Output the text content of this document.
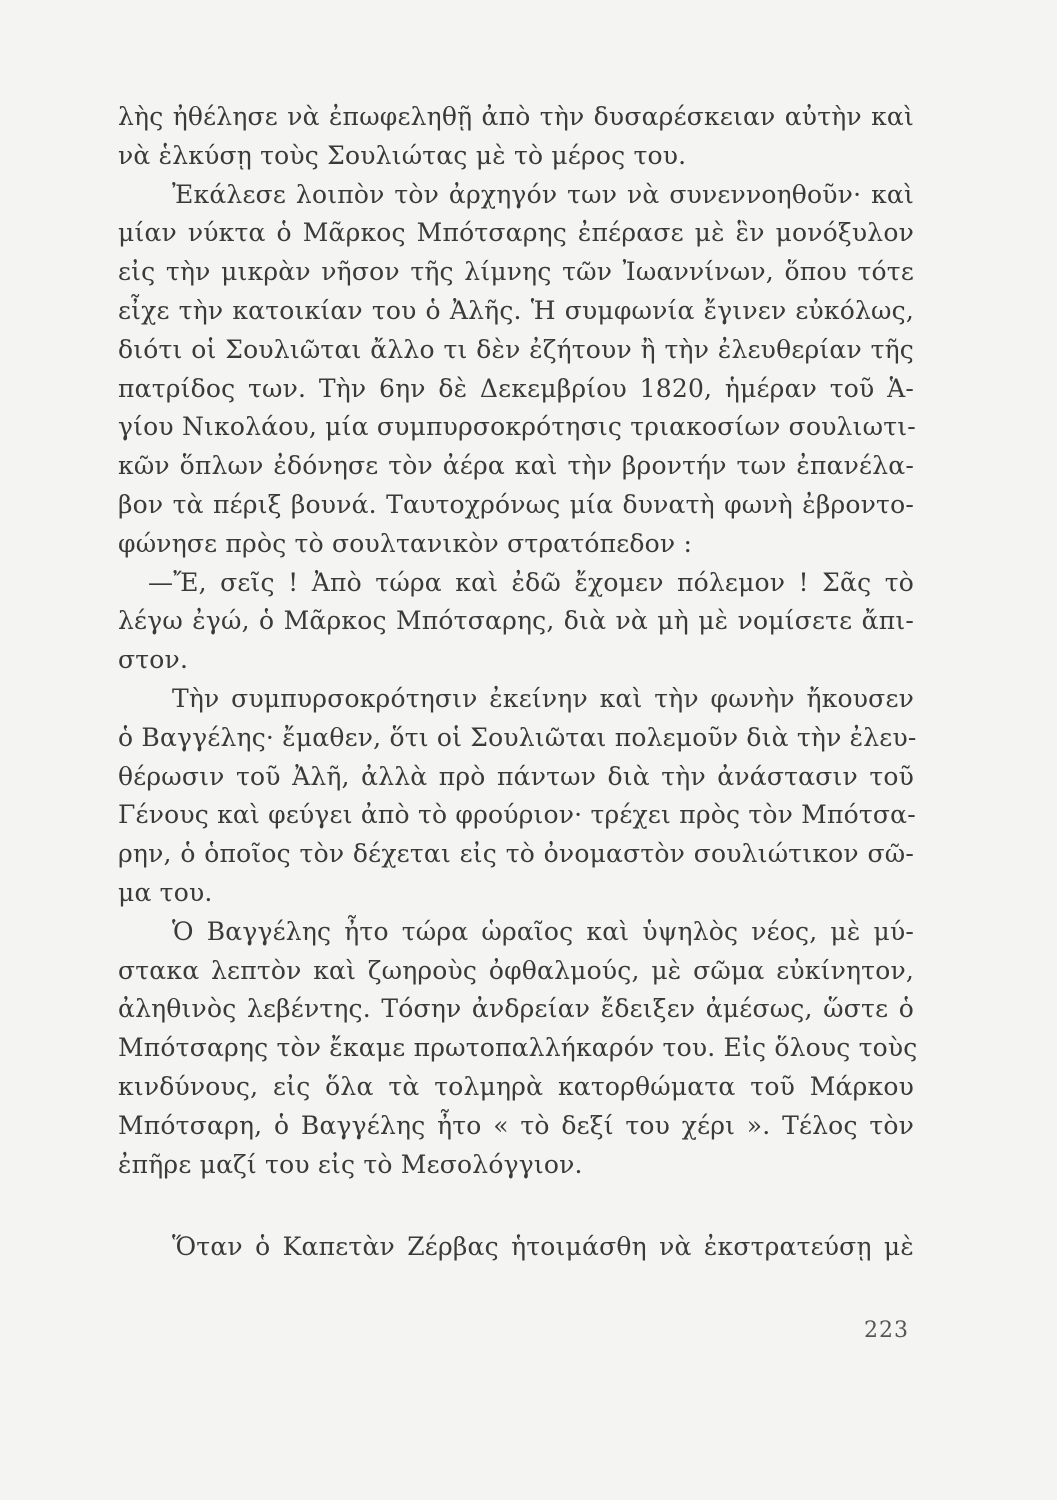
λὴς ἠθέλησε νὰ ἐπωφεληθῇ ἀπὸ τὴν δυσαρέσκειαν αὐτὴν καὶ
νὰ ἑλκύσῃ τοὺς Σουλιώτας μὲ τὸ μέρος του.
Ἐκάλεσε λοιπὸν τὸν ἀρχηγόν των νὰ συνεννοηθοῦν· καὶ
μίαν νύκτα ὁ Μᾶρκος Μπότσαρης ἐπέρασε μὲ ἓν μονόξυλον
εἰς τὴν μικρὰν νῆσον τῆς λίμνης τῶν Ἰωαννίνων, ὅπου τότε
εἶχε τὴν κατοικίαν του ὁ Ἀλῆς. Ἡ συμφωνία ἔγινεν εὐκόλως,
διότι οἱ Σουλιῶται ἄλλο τι δὲν ἐζήτουν ἢ τὴν ἐλευθερίαν τῆς
πατρίδος των. Τὴν 6ην δὲ Δεκεμβρίου 1820, ἡμέραν τοῦ Ἁ-
γίου Νικολάου, μία συμπυρσοκρότησις τριακοσίων σουλιωτι-
κῶν ὅπλων ἐδόνησε τὸν ἀέρα καὶ τὴν βροντήν των ἐπανέλα-
βον τὰ πέριξ βουνά. Ταυτοχρόνως μία δυνατὴ φωνὴ ἐβροντο-
φώνησε πρὸς τὸ σουλτανικὸν στρατόπεδον :
—Ἔ, σεῖς ! Ἀπὸ τώρα καὶ ἐδῶ ἔχομεν πόλεμον ! Σᾶς τὸ
λέγω ἐγώ, ὁ Μᾶρκος Μπότσαρης, διὰ νὰ μὴ μὲ νομίσετε ἄπι-
στον.
Τὴν συμπυρσοκρότησιν ἐκείνην καὶ τὴν φωνὴν ἤκουσεν
ὁ Βαγγέλης· ἔμαθεν, ὅτι οἱ Σουλιῶται πολεμοῦν διὰ τὴν ἐλευ-
θέρωσιν τοῦ Ἀλῆ, ἀλλὰ πρὸ πάντων διὰ τὴν ἀνάστασιν τοῦ
Γένους καὶ φεύγει ἀπὸ τὸ φρούριον· τρέχει πρὸς τὸν Μπότσα-
ρην, ὁ ὁποῖος τὸν δέχεται εἰς τὸ ὀνομαστὸν σουλιώτικον σῶ-
μα του.
Ὁ Βαγγέλης ἦτο τώρα ὡραῖος καὶ ὑψηλὸς νέος, μὲ μύ-
στακα λεπτὸν καὶ ζωηροὺς ὀφθαλμούς, μὲ σῶμα εὐκίνητον,
ἀληθινὸς λεβέντης. Τόσην ἀνδρείαν ἔδειξεν ἀμέσως, ὥστε ὁ
Μπότσαρης τὸν ἔκαμε πρωτοπαλλήκαρόν του. Εἰς ὅλους τοὺς
κινδύνους, εἰς ὅλα τὰ τολμηρὰ κατορθώματα τοῦ Μάρκου
Μπότσαρη, ὁ Βαγγέλης ἦτο « τὸ δεξί του χέρι ». Τέλος τὸν
ἐπῆρε μαζί του εἰς τὸ Μεσολόγγιον.
Ὅταν ὁ Καπετὰν Ζέρβας ἡτοιμάσθη νὰ ἐκστρατεύσῃ μὲ
223
